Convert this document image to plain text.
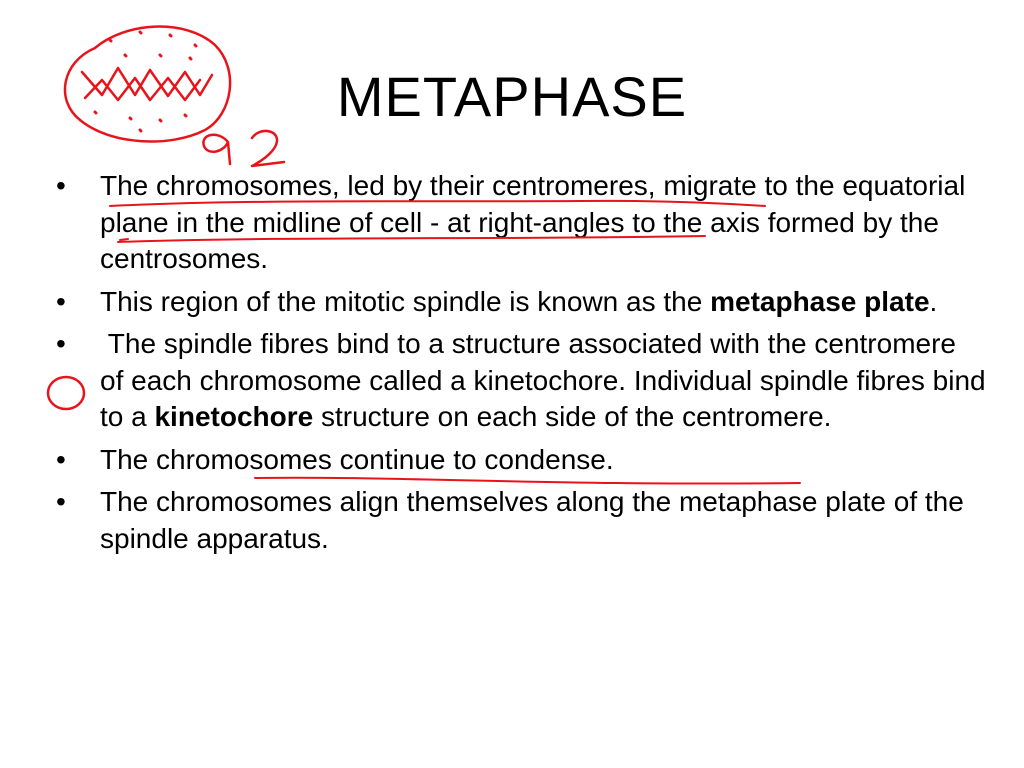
METAPHASE
•	The chromosomes, led by their centromeres, migrate to the equatorial plane in the midline of cell - at right-angles to the axis formed by the centrosomes.
•	This region of the mitotic spindle is known as the metaphase plate.
•	The spindle fibres bind to a structure associated with the centromere of each chromosome called a kinetochore. Individual spindle fibres bind to a kinetochore structure on each side of the centromere.
•	The chromosomes continue to condense.
•	The chromosomes align themselves along the metaphase plate of the spindle apparatus.
